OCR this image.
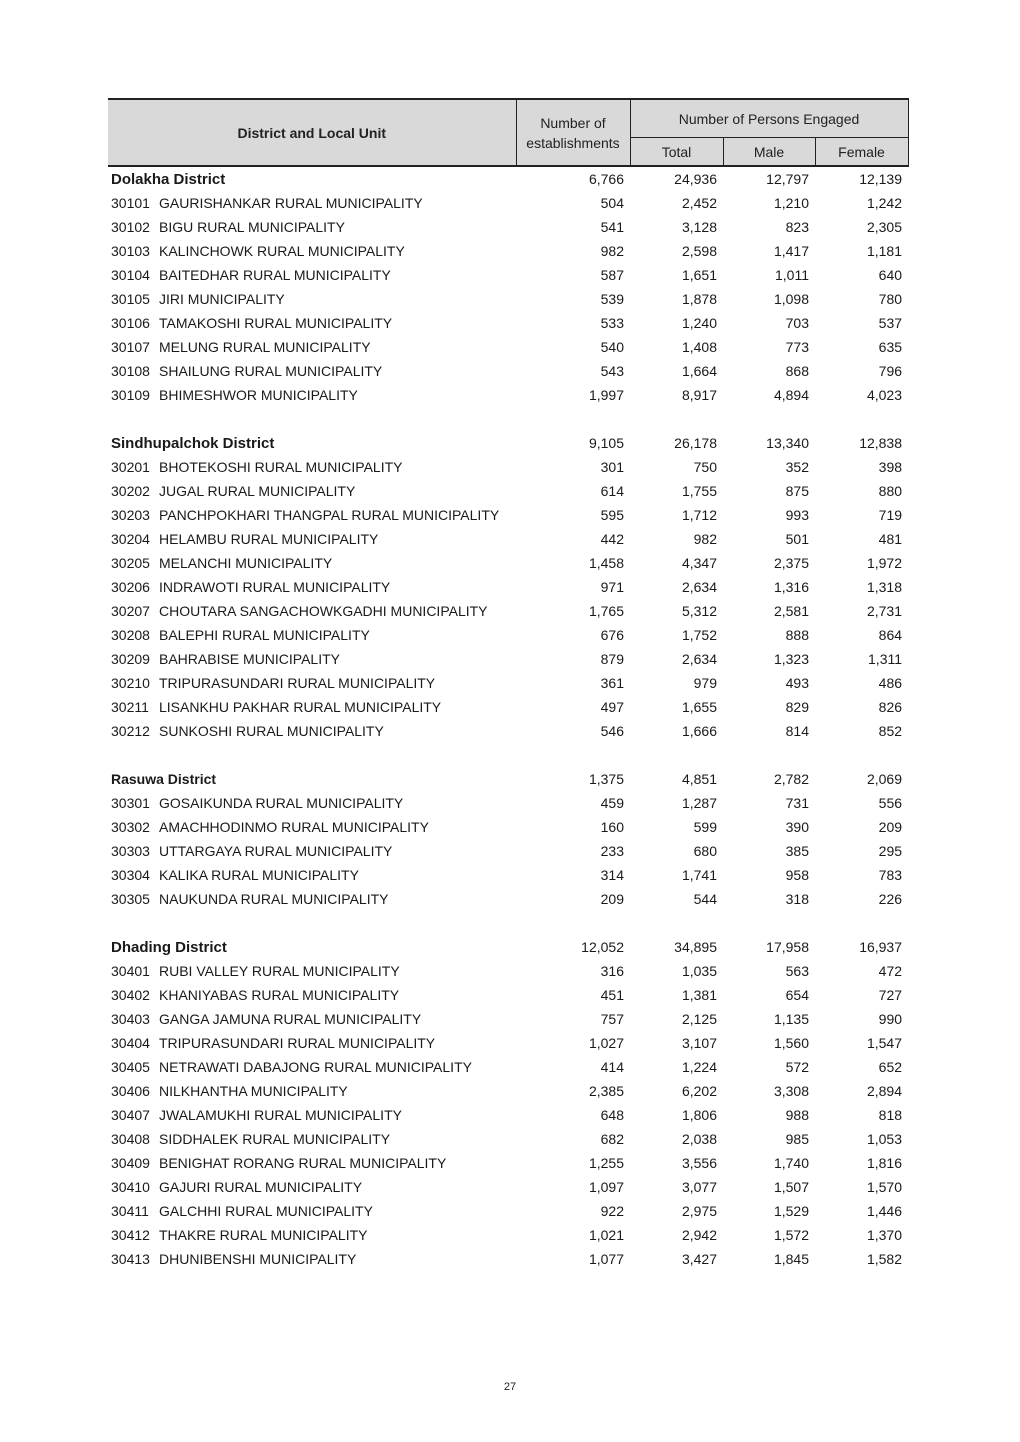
District and Local Unit	Number of establishments	Number of Persons Engaged		
		Total	Male	Female
Dolakha District	6,766	24,936	12,797	12,139
30101 GAURISHANKAR RURAL MUNICIPALITY	504	2,452	1,210	1,242
30102 BIGU RURAL MUNICIPALITY	541	3,128	823	2,305
30103 KALINCHOWK RURAL MUNICIPALITY	982	2,598	1,417	1,181
30104 BAITEDHAR RURAL MUNICIPALITY	587	1,651	1,011	640
30105 JIRI MUNICIPALITY	539	1,878	1,098	780
30106 TAMAKOSHI RURAL MUNICIPALITY	533	1,240	703	537
30107 MELUNG RURAL MUNICIPALITY	540	1,408	773	635
30108 SHAILUNG RURAL MUNICIPALITY	543	1,664	868	796
30109 BHIMESHWOR MUNICIPALITY	1,997	8,917	4,894	4,023

Sindhupalchok District	9,105	26,178	13,340	12,838
30201 BHOTEKOSHI RURAL MUNICIPALITY	301	750	352	398
30202 JUGAL RURAL MUNICIPALITY	614	1,755	875	880
30203 PANCHPOKHARI THANGPAL RURAL MUNICIPALITY	595	1,712	993	719
30204 HELAMBU RURAL MUNICIPALITY	442	982	501	481
30205 MELANCHI MUNICIPALITY	1,458	4,347	2,375	1,972
30206 INDRAWOTI RURAL MUNICIPALITY	971	2,634	1,316	1,318
30207 CHOUTARA SANGACHOWKGADHI MUNICIPALITY	1,765	5,312	2,581	2,731
30208 BALEPHI RURAL MUNICIPALITY	676	1,752	888	864
30209 BAHRABISE MUNICIPALITY	879	2,634	1,323	1,311
30210 TRIPURASUNDARI RURAL MUNICIPALITY	361	979	493	486
30211 LISANKHU PAKHAR RURAL MUNICIPALITY	497	1,655	829	826
30212 SUNKOSHI RURAL MUNICIPALITY	546	1,666	814	852

Rasuwa District	1,375	4,851	2,782	2,069
30301 GOSAIKUNDA RURAL MUNICIPALITY	459	1,287	731	556
30302 AMACHHODINMO RURAL MUNICIPALITY	160	599	390	209
30303 UTTARGAYA RURAL MUNICIPALITY	233	680	385	295
30304 KALIKA RURAL MUNICIPALITY	314	1,741	958	783
30305 NAUKUNDA RURAL MUNICIPALITY	209	544	318	226

Dhading District	12,052	34,895	17,958	16,937
30401 RUBI VALLEY RURAL MUNICIPALITY	316	1,035	563	472
30402 KHANIYABAS RURAL MUNICIPALITY	451	1,381	654	727
30403 GANGA JAMUNA RURAL MUNICIPALITY	757	2,125	1,135	990
30404 TRIPURASUNDARI RURAL MUNICIPALITY	1,027	3,107	1,560	1,547
30405 NETRAWATI DABAJONG RURAL MUNICIPALITY	414	1,224	572	652
30406 NILKHANTHA MUNICIPALITY	2,385	6,202	3,308	2,894
30407 JWALAMUKHI RURAL MUNICIPALITY	648	1,806	988	818
30408 SIDDHALEK RURAL MUNICIPALITY	682	2,038	985	1,053
30409 BENIGHAT RORANG RURAL MUNICIPALITY	1,255	3,556	1,740	1,816
30410 GAJURI RURAL MUNICIPALITY	1,097	3,077	1,507	1,570
30411 GALCHHI RURAL MUNICIPALITY	922	2,975	1,529	1,446
30412 THAKRE RURAL MUNICIPALITY	1,021	2,942	1,572	1,370
30413 DHUNIBENSHI MUNICIPALITY	1,077	3,427	1,845	1,582
27
